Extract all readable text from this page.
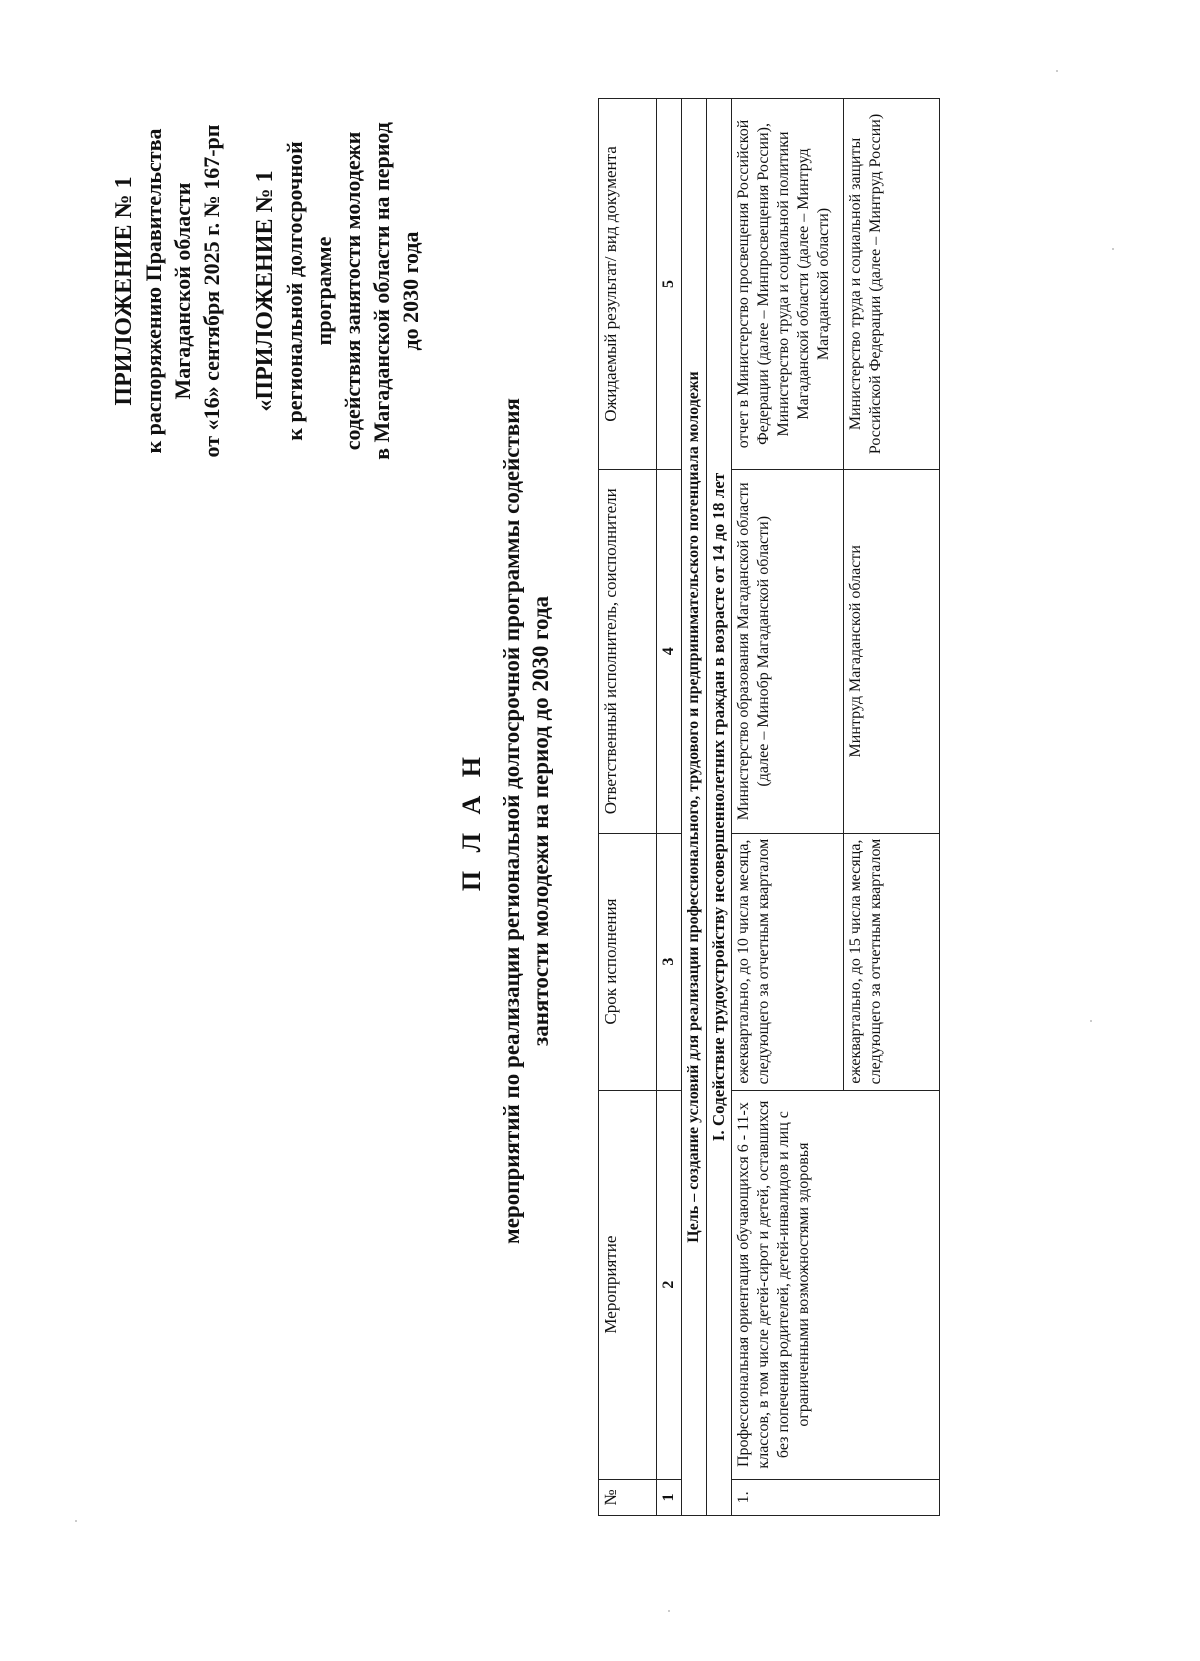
ПРИЛОЖЕНИЕ № 1 к распоряжению Правительства Магаданской области от «16» сентября 2025 г. № 167-рп «ПРИЛОЖЕНИЕ № 1 к региональной долгосрочной программе содействия занятости молодежи в Магаданской области на период до 2030 года
П Л А Н мероприятий по реализации региональной долгосрочной программы содействия занятости молодежи на период до 2030 года
№	Мероприятие	Срок исполнения	Ответственный исполнитель, соисполнители	Ожидаемый результат/ вид документа
1	2	3	4	5
Цель – создание условий для реализации профессионального, трудового и предпринимательского потенциала молодежи				
I. Содействие трудоустройству несовершеннолетних граждан в возрасте от 14 до 18 лет				
1.	Профессиональная ориентация обучающихся 6 - 11-х классов, в том числе детей-сирот и детей, оставшихся без попечения родителей, детей-инвалидов и лиц с ограниченными возможностями здоровья	ежеквартально, до 10 числа месяца, следующего за отчетным кварталом	Министерство образования Магаданской области (далее – Минобр Магаданской области)	отчет в Министерство просвещения Российской Федерации (далее – Минпросвещения России), Министерство труда и социальной политики Магаданской области (далее – Минтруд Магаданской области)
		ежеквартально, до 15 числа месяца, следующего за отчетным кварталом	Минтруд Магаданской области	Министерство труда и социальной защиты Российской Федерации (далее – Минтруд России)
